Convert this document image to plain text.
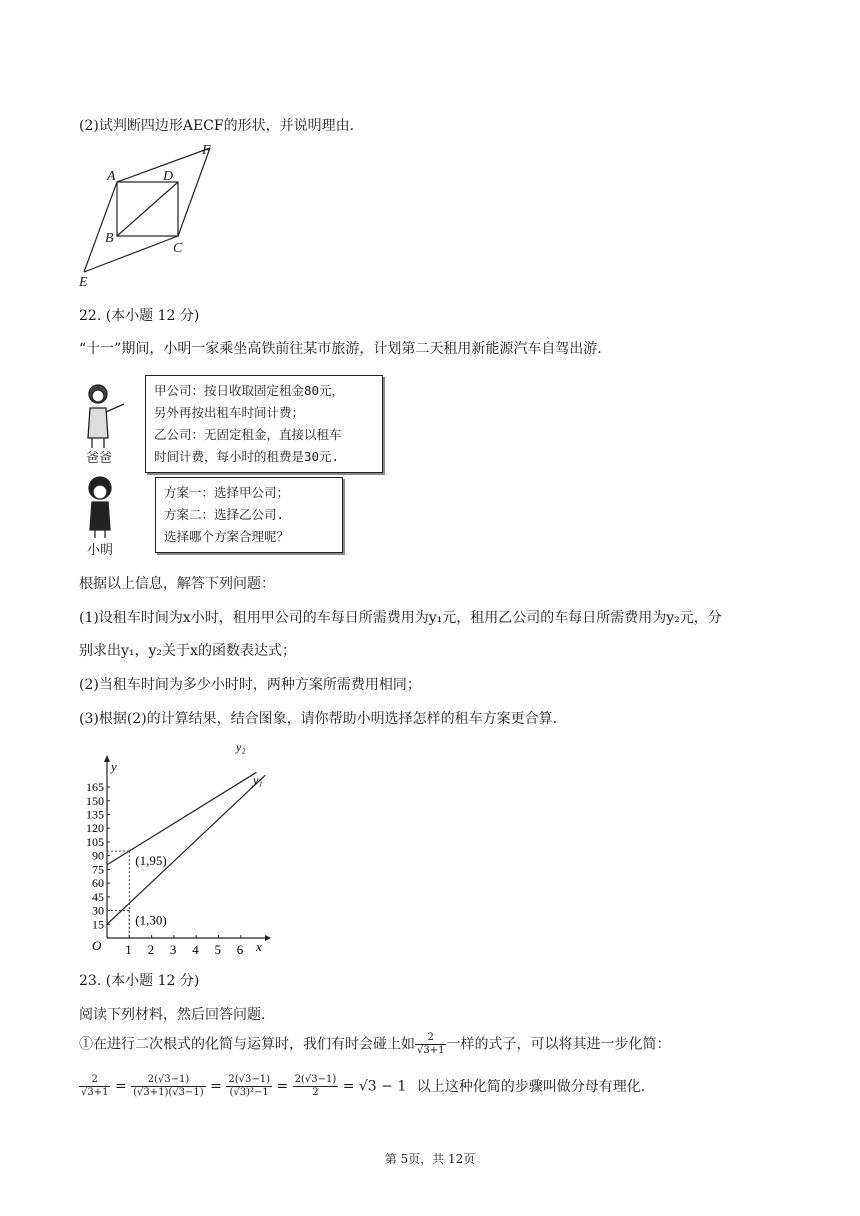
(2)试判断四边形AECF的形状，并说明理由.
A
B
C
D
E
F
22. (本小题 12 分)
“十一”期间，小明一家乘坐高铁前往某市旅游，计划第二天租用新能源汽车自驾出游.
爸爸
小明
甲公司：按日收取固定租金80元，
另外再按出租车时间计费；
乙公司：无固定租金，直接以租车
时间计费，每小时的租费是30元.
方案一：选择甲公司；
方案二：选择乙公司.
选择哪个方案合理呢？
根据以上信息，解答下列问题：
(1)设租车时间为x小时，租用甲公司的车每日所需费用为y₁元，租用乙公司的车每日所需费用为y₂元，分
别求出y₁，y₂关于x的函数表达式；
(2)当租车时间为多少小时时，两种方案所需费用相同；
(3)根据(2)的计算结果，结合图象，请你帮助小明选择怎样的租车方案更合算.
x
y
O 1 2 3 4 5 6
15
30
45
60
75
90
105
120
135
150
165
y₁
y₂
(1,95)
(1,30)
23. (本小题 12 分)
阅读下列材料，然后回答问题.
①在进行二次根式的化简与运算时，我们有时会碰上如 $\frac{2}{√3+1}$ 一样的式子，可以将其进一步化简：
$\frac{2}{√3+1} = \frac{2(√3-1)}{(√3+1)(√3-1)} = \frac{2(√3-1)}{\text{(√3)²−1}} = \frac{2(√3-1)}{2} = √3 - 1$ 以上这种化简的步骤叫做分母有理化.
第 5页，共 12页
